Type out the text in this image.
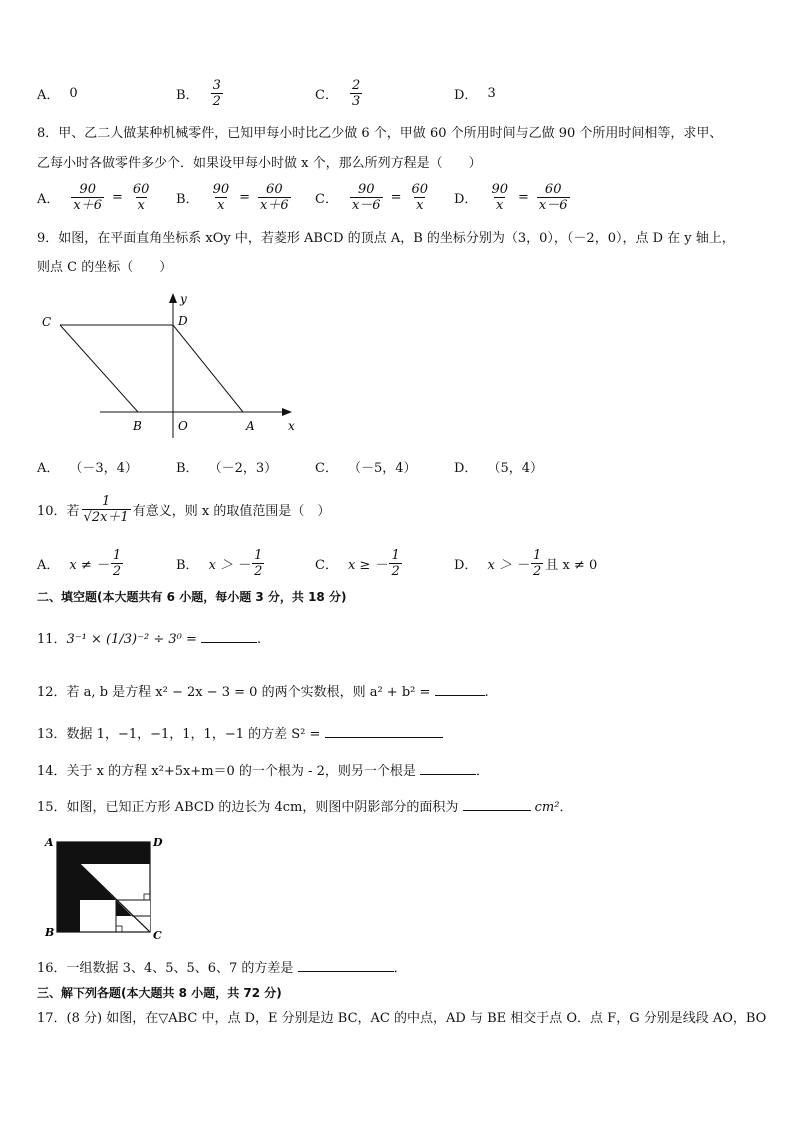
A． 0	B． $\frac{3}{2}$	C． $\frac{2}{3}$	D． 3
8．甲、乙二人做某种机械零件，已知甲每小时比乙少做 6 个，甲做 60 个所用时间与乙做 90 个所用时间相等，求甲、
乙每小时各做零件多少个．如果设甲每小时做 x 个，那么所列方程是（　　）
A． $\frac{90}{x+6} = \frac{60}{x}$ B． $\frac{90}{x} = \frac{60}{x+6}$ C． $\frac{90}{x-6} = \frac{60}{x}$ D． $\frac{90}{x} = \frac{60}{x-6}$
9．如图，在平面直角坐标系 xOy 中，若菱形 ABCD 的顶点 A，B 的坐标分别为（3，0），（－2，0），点 D 在 y 轴上，
则点 C 的坐标（　　）
C	D
B	O	A	x
y
A． （－3，4）	B． （－2，3）	C． （－5，4）	D． （5，4）
10．若 $\frac{1}{√2x+1}$ 有意义，则 x 的取值范围是（　）
A． x ≠ － $\frac{1}{2}$	B． x ＞ － $\frac{1}{2}$	C． x ≥ － $\frac{1}{2}$	D． x ＞ － $\frac{1}{2}$ 且 x ≠ 0
二、填空题(本大题共有 6 小题，每小题 3 分，共 18 分)
11．3⁻¹ × (1/3)⁻² ÷ 3⁰ =	.
12．若 a, b 是方程 x² − 2x − 3 = 0 的两个实数根，则 a² + b² =	.
13．数据 1，−1，−1，1，1，−1 的方差 S² =
14．关于 x 的方程 x²+5x+m＝0 的一个根为 - 2，则另一个根是	．
15．如图，已知正方形 ABCD 的边长为 4cm，则图中阴影部分的面积为	cm²．
A	D
B	C
16．一组数据 3、4、5、5、6、7 的方差是	．
三、解下列各题(本大题共 8 小题，共 72 分)
17．(8 分) 如图，在▽ABC 中，点 D，E 分别是边 BC，AC 的中点，AD 与 BE 相交于点 O．点 F，G 分别是线段 AO，BO
